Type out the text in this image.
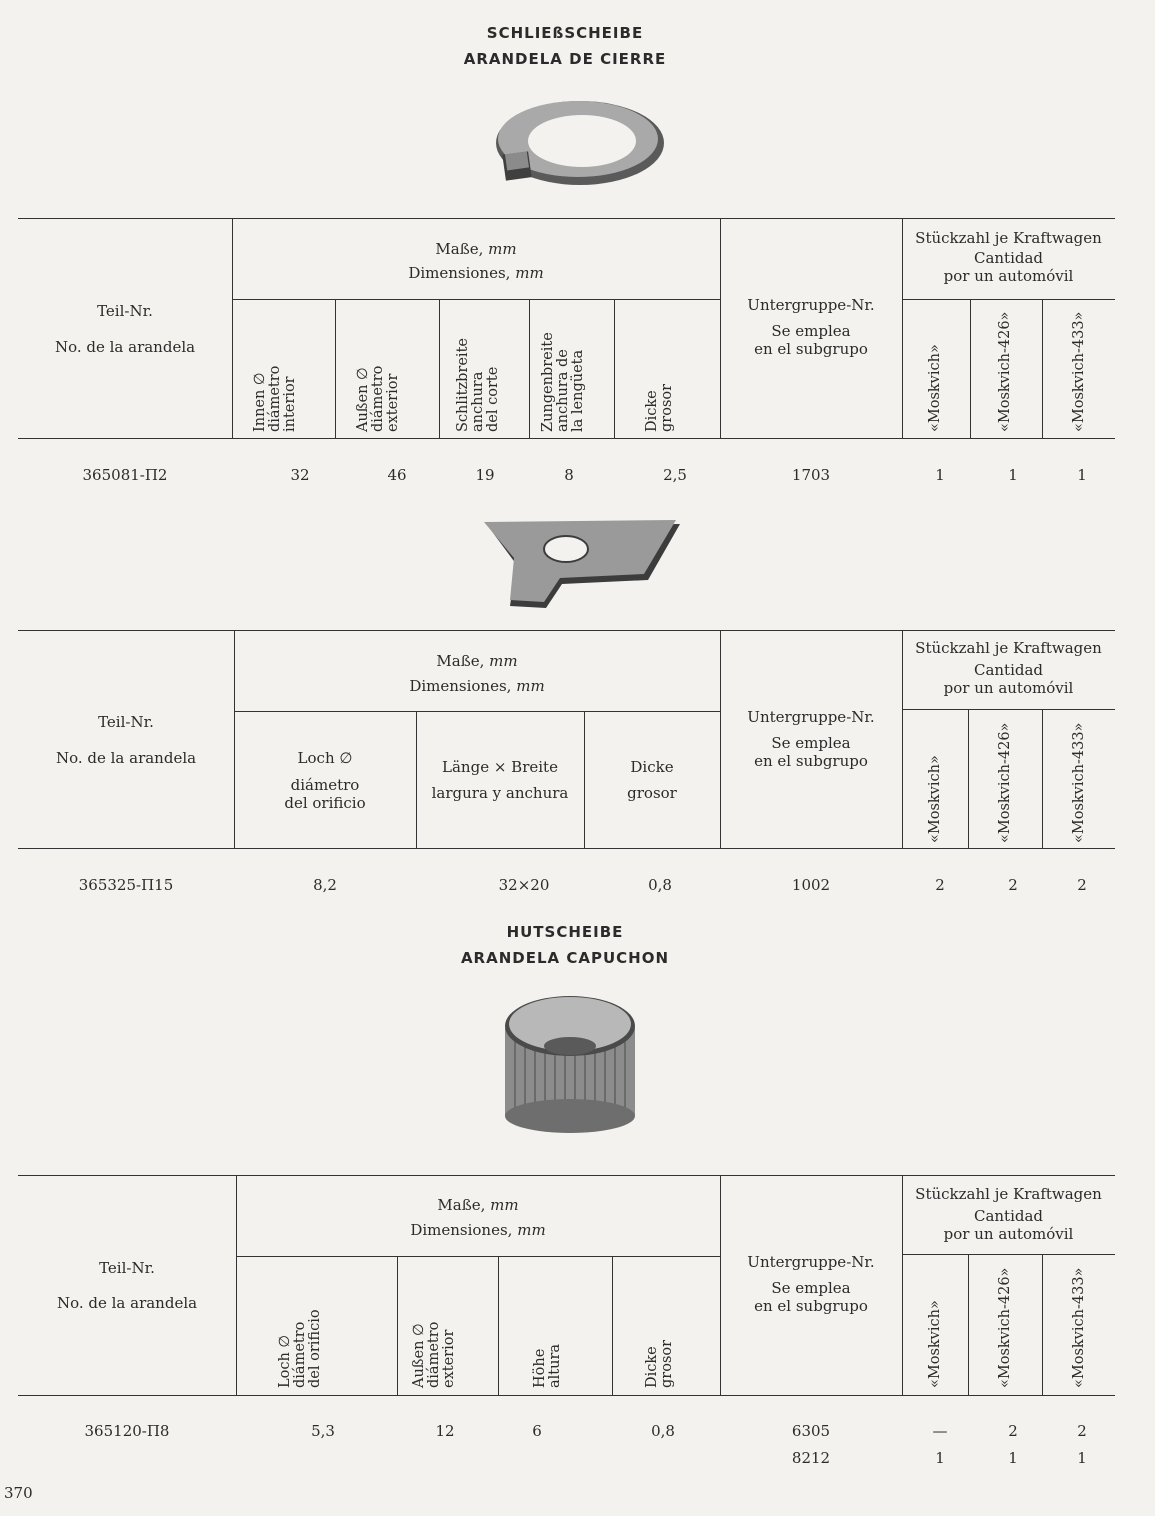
SCHLIEßSCHEIBE
ARANDELA DE CIERRE
Teil-Nr.
No. de la arandela
Maße, mm
Dimensiones, mm
Untergruppe-Nr.
Se emplea
en el subgrupo
Stückzahl je Kraftwagen
Cantidad
por un automóvil
Innen ∅ diámetro interior	Außen ∅ diámetro exterior	Schlitzbreite anchura del corte	Zungenbreite anchura de la lengüeta	Dicke grosor	«Moskvich»	«Moskvich-426»	«Moskvich-433»
365081-П2	32	46	19	8	2,5	1703	1	1	1
Teil-Nr.
No. de la arandela
Maße, mm
Dimensiones, mm
Loch ∅
diámetro
del orificio
Länge × Breite
largura y anchura
Dicke
grosor
Untergruppe-Nr.
Se emplea
en el subgrupo
Stückzahl je Kraftwagen
Cantidad
por un automóvil
«Moskvich»	«Moskvich-426»	«Moskvich-433»
365325-П15	8,2	32×20	0,8	1002	2	2	2
HUTSCHEIBE
ARANDELA CAPUCHON
Teil-Nr.
No. de la arandela
Maße, mm
Dimensiones, mm
Untergruppe-Nr.
Se emplea
en el subgrupo
Stückzahl je Kraftwagen
Cantidad
por un automóvil
Loch ∅ diámetro del orificio	Außen ∅ diámetro exterior	Höhe altura	Dicke grosor	«Moskvich»	«Moskvich-426»	«Moskvich-433»
365120-П8	5,3	12	6	0,8	6305	—	2	2
8212	1	1	1
370
